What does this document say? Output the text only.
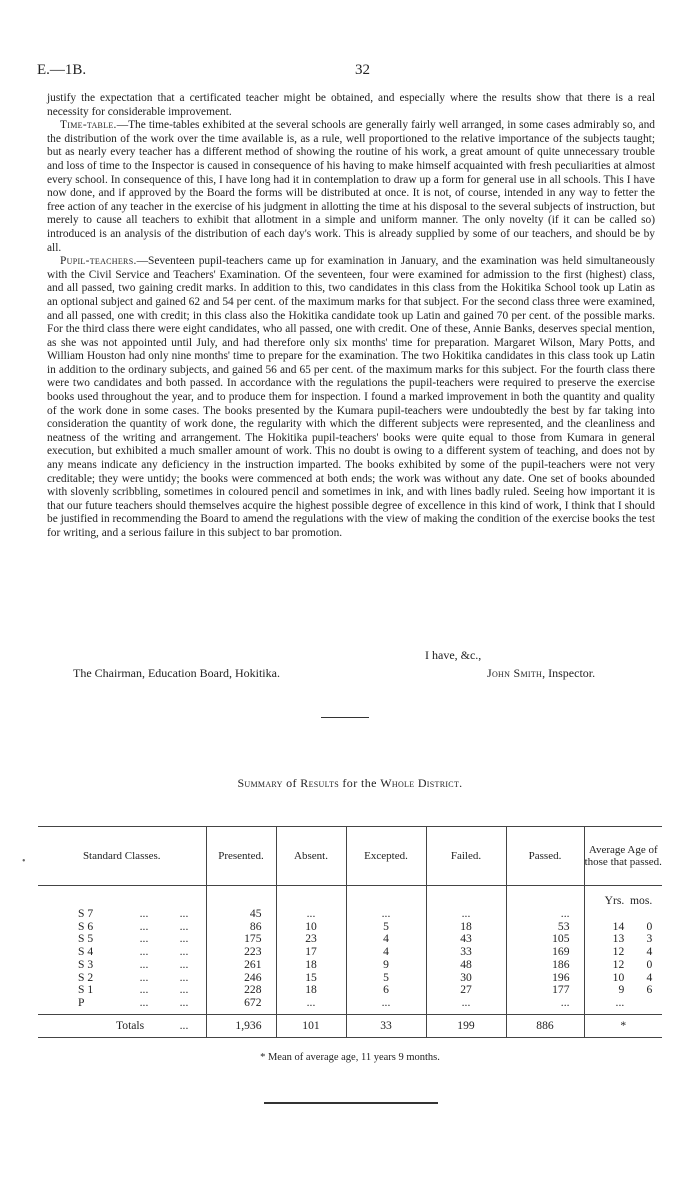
E.—1B.	32

justify the expectation that a certificated teacher might be obtained, and especially where the results show that there is a real necessity for considerable improvement.

Time-table.—The time-tables exhibited at the several schools are generally fairly well arranged, in some cases admirably so, and the distribution of the work over the time available is, as a rule, well proportioned to the relative importance of the subjects taught; but as nearly every teacher has a different method of showing the routine of his work, a great amount of quite unnecessary trouble and loss of time to the Inspector is caused in consequence of his having to make himself acquainted with fresh peculiarities at almost every school. In consequence of this, I have long had it in contemplation to draw up a form for general use in all schools. This I have now done, and if approved by the Board the forms will be distributed at once. It is not, of course, intended in any way to fetter the free action of any teacher in the exercise of his judgment in allotting the time at his disposal to the several subjects of instruction, but merely to cause all teachers to exhibit that allotment in a simple and uniform manner. The only novelty (if it can be called so) introduced is an analysis of the distribution of each day's work. This is already supplied by some of our teachers, and should be by all.

Pupil-teachers.—Seventeen pupil-teachers came up for examination in January, and the examination was held simultaneously with the Civil Service and Teachers' Examination. Of the seventeen, four were examined for admission to the first (highest) class, and all passed, two gaining credit marks. In addition to this, two candidates in this class from the Hokitika School took up Latin as an optional subject and gained 62 and 54 per cent. of the maximum marks for that subject. For the second class three were examined, and all passed, one with credit; in this class also the Hokitika candidate took up Latin and gained 70 per cent. of the possible marks. For the third class there were eight candidates, who all passed, one with credit. One of these, Annie Banks, deserves special mention, as she was not appointed until July, and had therefore only six months' time for preparation. Margaret Wilson, Mary Potts, and William Houston had only nine months' time to prepare for the examination. The two Hokitika candidates in this class took up Latin in addition to the ordinary subjects, and gained 56 and 65 per cent. of the maximum marks for this subject. For the fourth class there were two candidates and both passed. In accordance with the regulations the pupil-teachers were required to preserve the exercise books used throughout the year, and to produce them for inspection. I found a marked improvement in both the quantity and quality of the work done in some cases. The books presented by the Kumara pupil-teachers were undoubtedly the best by far taking into consideration the quantity of work done, the regularity with which the different subjects were represented, and the cleanliness and neatness of the writing and arrangement. The Hokitika pupil-teachers' books were quite equal to those from Kumara in general execution, but exhibited a much smaller amount of work. This no doubt is owing to a different system of teaching, and does not by any means indicate any deficiency in the instruction imparted. The books exhibited by some of the pupil-teachers were not very creditable; they were untidy; the books were commenced at both ends; the work was without any date. One set of books abounded with slovenly scribbling, sometimes in coloured pencil and sometimes in ink, and with lines badly ruled. Seeing how important it is that our future teachers should themselves acquire the highest possible degree of excellence in this kind of work, I think that I should be justified in recommending the Board to amend the regulations with the view of making the condition of the exercise books the test for writing, and a serious failure in this subject to bar promotion.

I have, &c.,
The Chairman, Education Board, Hokitika.	John Smith, Inspector.
Summary of Results for the Whole District.
Standard Classes.	Presented.	Absent.	Excepted.	Failed.	Passed.	Average Age of those that passed.
						Yrs. mos.
S 7 ... ...	45	...	...	...	...	
S 6 ... ...	86	10	5	18	53	14 0
S 5 ... ...	175	23	4	43	105	13 3
S 4 ... ...	223	17	4	33	169	12 4
S 3 ... ...	261	18	9	48	186	12 0
S 2 ... ...	246	15	5	30	196	10 4
S 1 ... ...	228	18	6	27	177	9 6
P ... ...	672	...	...	...	...	...

Totals ...	1,936	101	33	199	886	*
* Mean of average age, 11 years 9 months.
•
